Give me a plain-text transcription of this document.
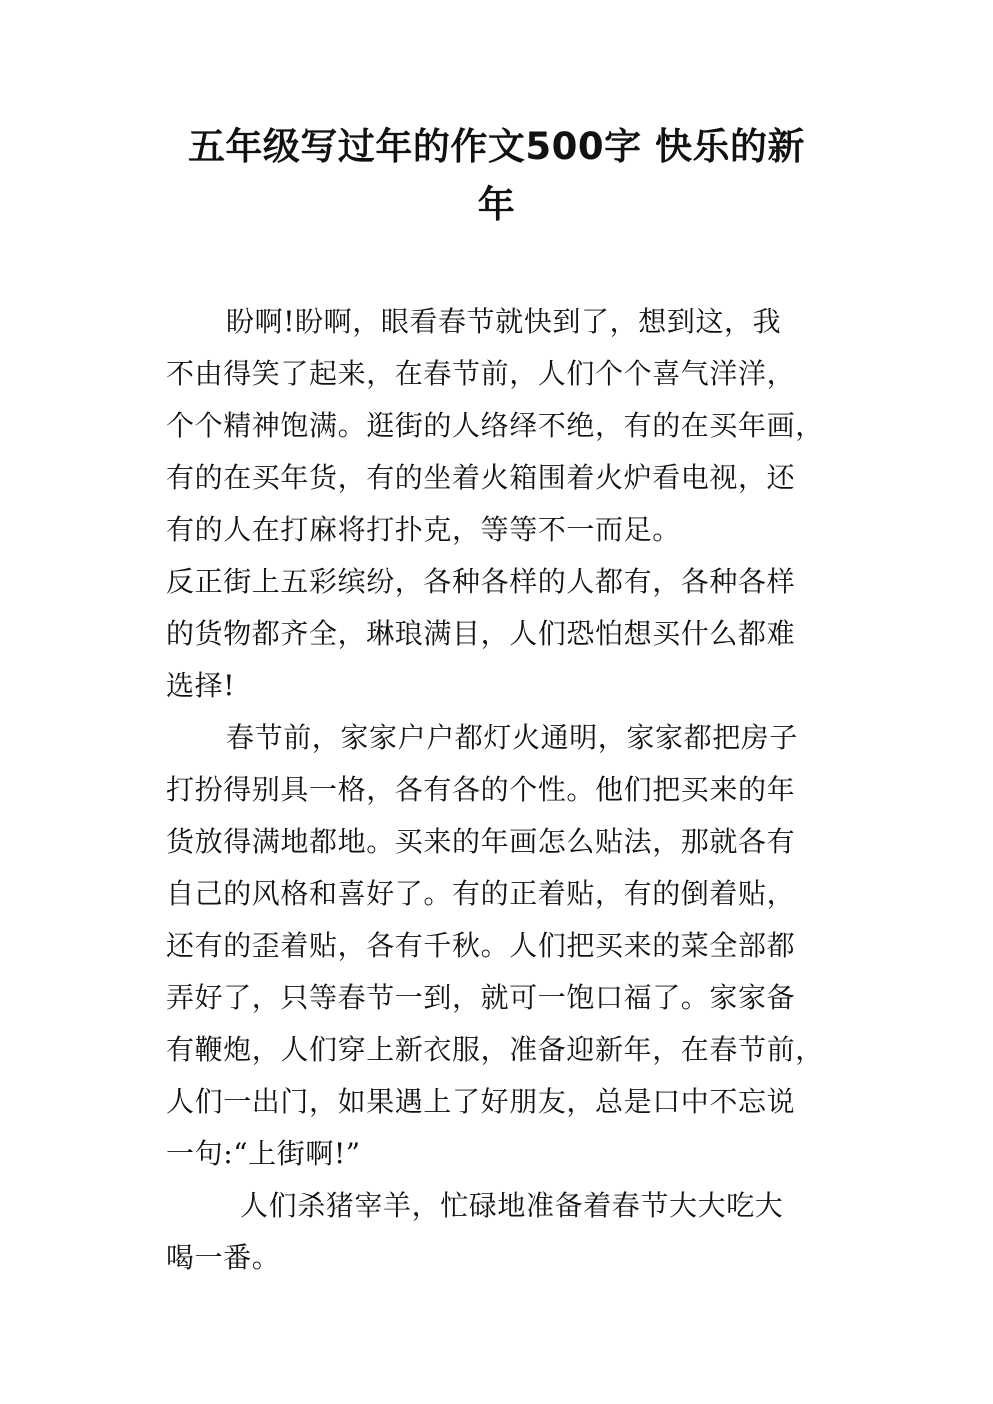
五年级写过年的作文500字 快乐的新
年
盼啊!盼啊，眼看春节就快到了，想到这，我
不由得笑了起来，在春节前，人们个个喜气洋洋，
个个精神饱满。逛街的人络绎不绝，有的在买年画，
有的在买年货，有的坐着火箱围着火炉看电视，还
有的人在打麻将打扑克，等等不一而足。
反正街上五彩缤纷，各种各样的人都有，各种各样
的货物都齐全，琳琅满目，人们恐怕想买什么都难
选择!
春节前，家家户户都灯火通明，家家都把房子
打扮得别具一格，各有各的个性。他们把买来的年
货放得满地都地。买来的年画怎么贴法，那就各有
自己的风格和喜好了。有的正着贴，有的倒着贴，
还有的歪着贴，各有千秋。人们把买来的菜全部都
弄好了，只等春节一到，就可一饱口福了。家家备
有鞭炮，人们穿上新衣服，准备迎新年，在春节前，
人们一出门，如果遇上了好朋友，总是口中不忘说
一句:“上街啊!”
人们杀猪宰羊，忙碌地准备着春节大大吃大
喝一番。
